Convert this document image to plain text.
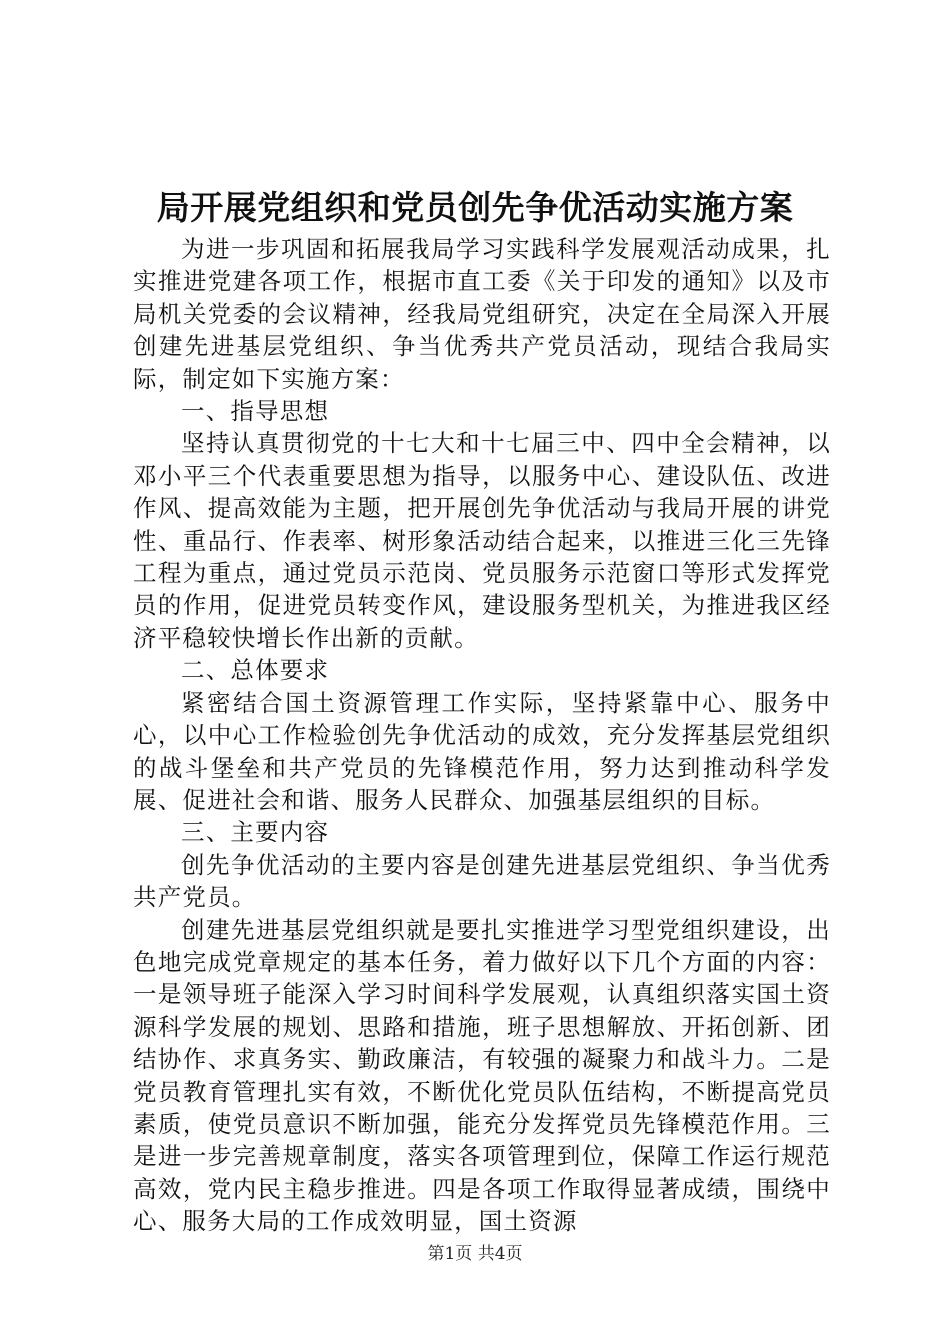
局开展党组织和党员创先争优活动实施方案

为进一步巩固和拓展我局学习实践科学发展观活动成果，扎实推进党建各项工作，根据市直工委《关于印发的通知》以及市局机关党委的会议精神，经我局党组研究，决定在全局深入开展创建先进基层党组织、争当优秀共产党员活动，现结合我局实际，制定如下实施方案：

一、指导思想

坚持认真贯彻党的十七大和十七届三中、四中全会精神，以邓小平三个代表重要思想为指导，以服务中心、建设队伍、改进作风、提高效能为主题，把开展创先争优活动与我局开展的讲党性、重品行、作表率、树形象活动结合起来，以推进三化三先锋工程为重点，通过党员示范岗、党员服务示范窗口等形式发挥党员的作用，促进党员转变作风，建设服务型机关，为推进我区经济平稳较快增长作出新的贡献。

二、总体要求

紧密结合国土资源管理工作实际，坚持紧靠中心、服务中心，以中心工作检验创先争优活动的成效，充分发挥基层党组织的战斗堡垒和共产党员的先锋模范作用，努力达到推动科学发展、促进社会和谐、服务人民群众、加强基层组织的目标。

三、主要内容

创先争优活动的主要内容是创建先进基层党组织、争当优秀共产党员。

创建先进基层党组织就是要扎实推进学习型党组织建设，出色地完成党章规定的基本任务，着力做好以下几个方面的内容：一是领导班子能深入学习时间科学发展观，认真组织落实国土资源科学发展的规划、思路和措施，班子思想解放、开拓创新、团结协作、求真务实、勤政廉洁，有较强的凝聚力和战斗力。二是党员教育管理扎实有效，不断优化党员队伍结构，不断提高党员素质，使党员意识不断加强，能充分发挥党员先锋模范作用。三是进一步完善规章制度，落实各项管理到位，保障工作运行规范高效，党内民主稳步推进。四是各项工作取得显著成绩，围绕中心、服务大局的工作成效明显，国土资源

第1页 共4页
